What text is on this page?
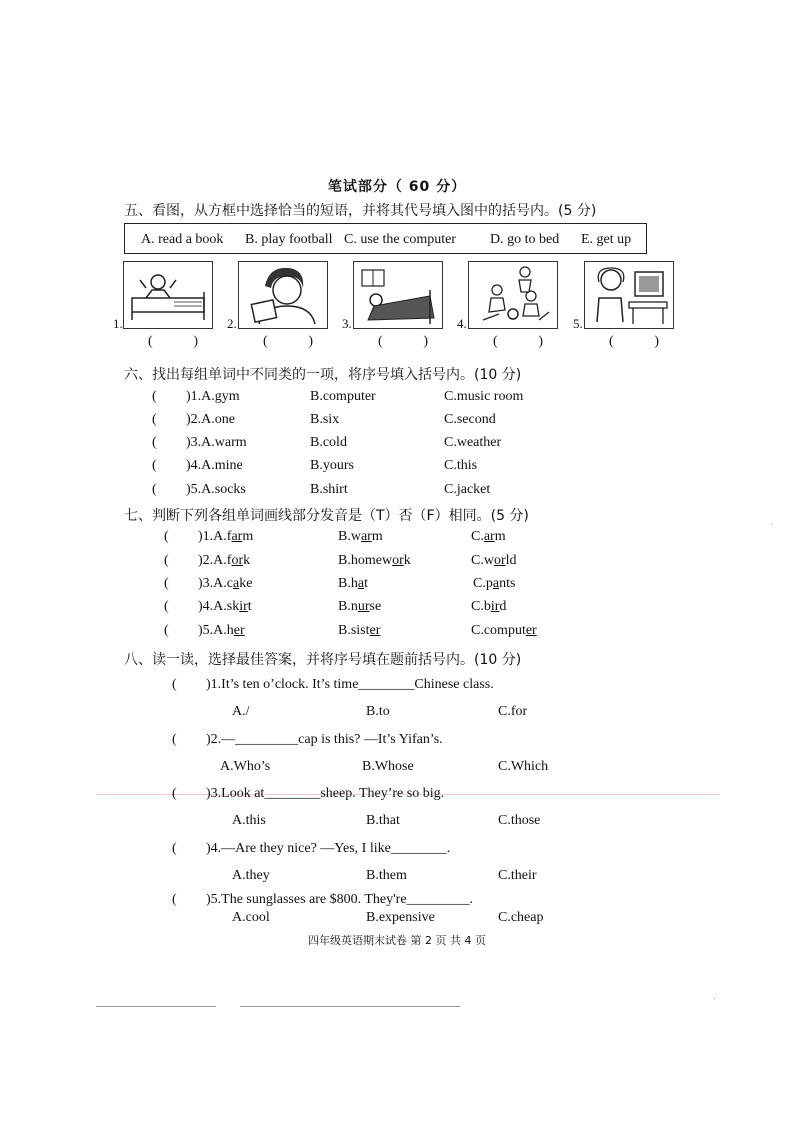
笔试部分（ 60 分）
五、看图，从方框中选择恰当的短语，并将其代号填入图中的括号内。(5 分)
A. read a book B. play football C. use the computer D. go to bed E. get up
1.
(	)
2.
(	)
3.
(	)
4.
(	)
5.
(	)
六、找出每组单词中不同类的一项，将序号填入括号内。(10 分)
( )1.A.gym	B.computer	C.music room
( )2.A.one	B.six	C.second
( )3.A.warm	B.cold	C.weather
( )4.A.mine	B.yours	C.this
( )5.A.socks	B.shirt	C.jacket
七、判断下列各组单词画线部分发音是（T）否（F）相同。(5 分)
( )1.A.farm	B.warm	C.arm
( )2.A.fork	B.homework	C.world
( )3.A.cake	B.hat	C.pants
( )4.A.skirt	B.nurse	C.bird
( )5.A.her	B.sister	C.computer
八、读一读，选择最佳答案，并将序号填在题前括号内。(10 分)
( )1.It’s ten o’clock. It’s time________Chinese class.
A./	B.to	C.for
( )2.—_________cap is this? —It’s Yifan’s.
A.Who’s	B.Whose	C.Which
( )3.Look at________sheep. They’re so big.
A.this	B.that	C.those
( )4.—Are they nice? —Yes, I like________.
A.they	B.them	C.their
( )5.The sunglasses are $800. They're_________.
A.cool	B.expensive	C.cheap
四年级英语期末试卷 第 2 页 共 4 页
·
·
